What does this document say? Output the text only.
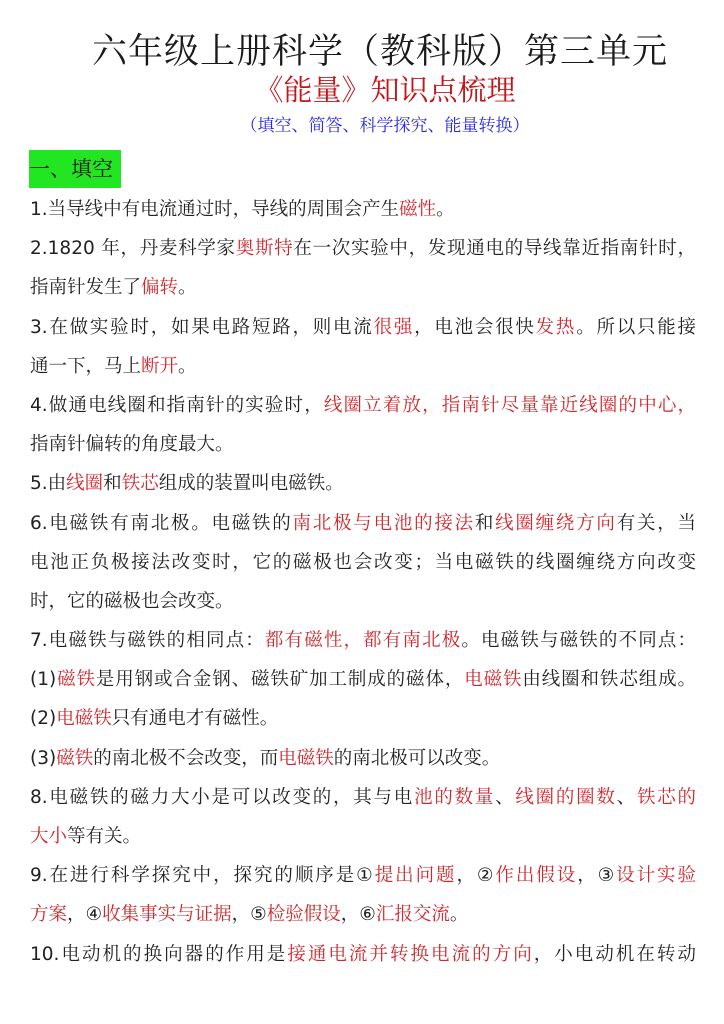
六年级上册科学（教科版）第三单元
《能量》知识点梳理
（填空、简答、科学探究、能量转换）
一、填空
1.当导线中有电流通过时，导线的周围会产生磁性。
2.1820 年，丹麦科学家奥斯特在一次实验中，发现通电的导线靠近指南针时，
指南针发生了偏转。
3.在做实验时，如果电路短路，则电流很强，电池会很快发热。所以只能接
通一下，马上断开。
4.做通电线圈和指南针的实验时，线圈立着放，指南针尽量靠近线圈的中心，
指南针偏转的角度最大。
5.由线圈和铁芯组成的装置叫电磁铁。
6.电磁铁有南北极。电磁铁的南北极与电池的接法和线圈缠绕方向有关，当
电池正负极接法改变时，它的磁极也会改变；当电磁铁的线圈缠绕方向改变
时，它的磁极也会改变。
7.电磁铁与磁铁的相同点：都有磁性，都有南北极。电磁铁与磁铁的不同点：
(1)磁铁是用钢或合金钢、磁铁矿加工制成的磁体，电磁铁由线圈和铁芯组成。
(2)电磁铁只有通电才有磁性。
(3)磁铁的南北极不会改变，而电磁铁的南北极可以改变。
8.电磁铁的磁力大小是可以改变的，其与电池的数量、线圈的圈数、铁芯的
大小等有关。
9.在进行科学探究中，探究的顺序是①提出问题，②作出假设，③设计实验
方案，④收集事实与证据，⑤检验假设，⑥汇报交流。
10.电动机的换向器的作用是接通电流并转换电流的方向，小电动机在转动
